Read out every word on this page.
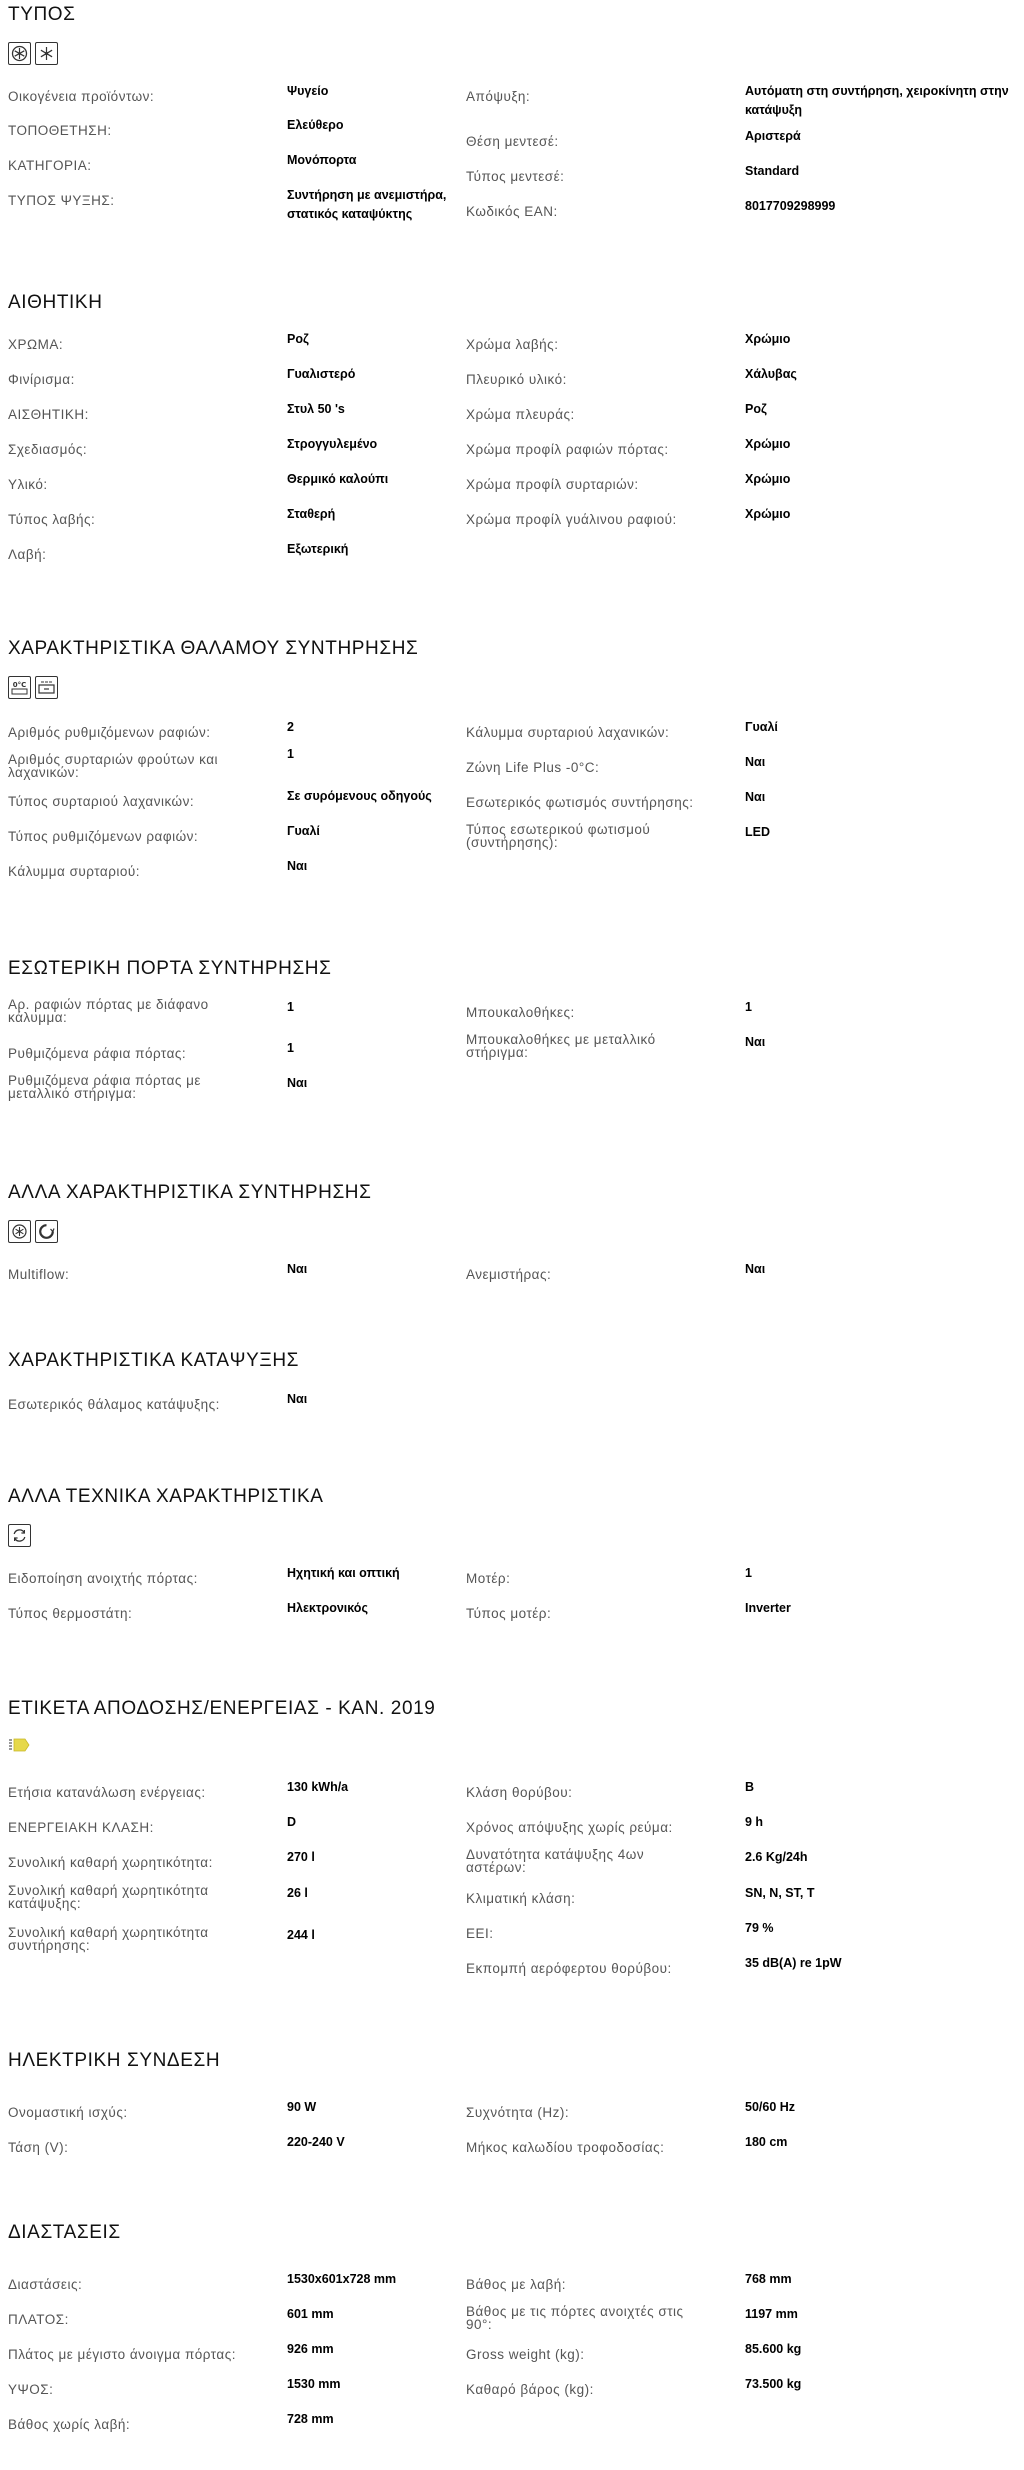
ΤΥΠΟΣ
Οικογένεια προϊόντων:	Ψυγείο
ΤΟΠΟΘΕΤΗΣΗ:	Ελεύθερο
ΚΑΤΗΓΟΡΙΑ:	Μονόπορτα
ΤΥΠΟΣ ΨΥΞΗΣ:	Συντήρηση με ανεμιστήρα, στατικός καταψύκτης
Απόψυξη:	Αυτόματη στη συντήρηση, χειροκίνητη στην κατάψυξη
Θέση μεντεσέ:	Αριστερά
Τύπος μεντεσέ:	Standard
Κωδικός EAN:	8017709298999
ΑΙΘΗΤΙΚΗ
ΧΡΩΜΑ:	Ροζ
Φινίρισμα:	Γυαλιστερό
ΑΙΣΘΗΤΙΚΗ:	Στυλ 50 's
Σχεδιασμός:	Στρογγυλεμένο
Υλικό:	Θερμικό καλούπι
Τύπος λαβής:	Σταθερή
Λαβή:	Εξωτερική
Χρώμα λαβής:	Χρώμιο
Πλευρικό υλικό:	Χάλυβας
Χρώμα πλευράς:	Ροζ
Χρώμα προφίλ ραφιών πόρτας:	Χρώμιο
Χρώμα προφίλ συρταριών:	Χρώμιο
Χρώμα προφίλ γυάλινου ραφιού:	Χρώμιο
ΧΑΡΑΚΤΗΡΙΣΤΙΚΑ ΘΑΛΑΜΟΥ ΣΥΝΤΗΡΗΣΗΣ
0°C
Αριθμός ρυθμιζόμενων ραφιών:	2
Αριθμός συρταριών φρούτων και λαχανικών:
1
Τύπος συρταριού λαχανικών:	Σε συρόμενους οδηγούς
Τύπος ρυθμιζόμενων ραφιών:	Γυαλί
Κάλυμμα συρταριού:	Ναι
Κάλυμμα συρταριού λαχανικών:	Γυαλί
Ζώνη Life Plus -0°C:	Ναι
Εσωτερικός φωτισμός συντήρησης:	Ναι
Τύπος εσωτερικού φωτισμού (συντήρησης):
LED
ΕΣΩΤΕΡΙΚΗ ΠΟΡΤΑ ΣΥΝΤΗΡΗΣΗΣ
Αρ. ραφιών πόρτας με διάφανο κάλυμμα:
1
Ρυθμιζόμενα ράφια πόρτας:	1
Ρυθμιζόμενα ράφια πόρτας με μεταλλικό στήριγμα:
Ναι
Μπουκαλοθήκες:	1
Μπουκαλοθήκες με μεταλλικό στήριγμα:
Ναι
ΑΛΛΑ ΧΑΡΑΚΤΗΡΙΣΤΙΚΑ ΣΥΝΤΗΡΗΣΗΣ
Multiflow:	Ναι	Ανεμιστήρας:	Ναι
ΧΑΡΑΚΤΗΡΙΣΤΙΚΑ ΚΑΤΑΨΥΞΗΣ
Εσωτερικός θάλαμος κατάψυξης:	Ναι
ΑΛΛΑ ΤΕΧΝΙΚΑ ΧΑΡΑΚΤΗΡΙΣΤΙΚΑ
Ειδοποίηση ανοιχτής πόρτας:	Ηχητική και οπτική
Τύπος θερμοστάτη:	Ηλεκτρονικός
Μοτέρ:	1
Τύπος μοτέρ:	Inverter
ΕΤΙΚΕΤΑ ΑΠΟΔΟΣΗΣ/ΕΝΕΡΓΕΙΑΣ - ΚΑΝ. 2019
Ετήσια κατανάλωση ενέργειας:	130 kWh/a
ΕΝΕΡΓΕΙΑΚΗ ΚΛΑΣΗ:	D
Συνολική καθαρή χωρητικότητα:	270 l
Συνολική καθαρή χωρητικότητα κατάψυξης:
26 l
Συνολική καθαρή χωρητικότητα συντήρησης:
244 l
Κλάση θορύβου:	B
Χρόνος απόψυξης χωρίς ρεύμα:	9 h
Δυνατότητα κατάψυξης 4ων αστέρων:
2.6 Kg/24h
Κλιματική κλάση:	SN, N, ST, T
EEI:	79 %
Εκπομπή αερόφερτου θορύβου:	35 dB(A) re 1pW
ΗΛΕΚΤΡΙΚΗ ΣΥΝΔΕΣΗ
Ονομαστική ισχύς:	90 W
Τάση (V):	220-240 V
Συχνότητα (Hz):	50/60 Hz
Μήκος καλωδίου τροφοδοσίας:	180 cm
ΔΙΑΣΤΑΣΕΙΣ
Διαστάσεις:	1530x601x728 mm
ΠΛΑΤΟΣ:	601 mm
Πλάτος με μέγιστο άνοιγμα πόρτας:	926 mm
ΥΨΟΣ:	1530 mm
Βάθος χωρίς λαβή:	728 mm
Βάθος με λαβή:	768 mm
Βάθος με τις πόρτες ανοιχτές στις 90°:
1197 mm
Gross weight (kg):	85.600 kg
Καθαρό βάρος (kg):	73.500 kg
